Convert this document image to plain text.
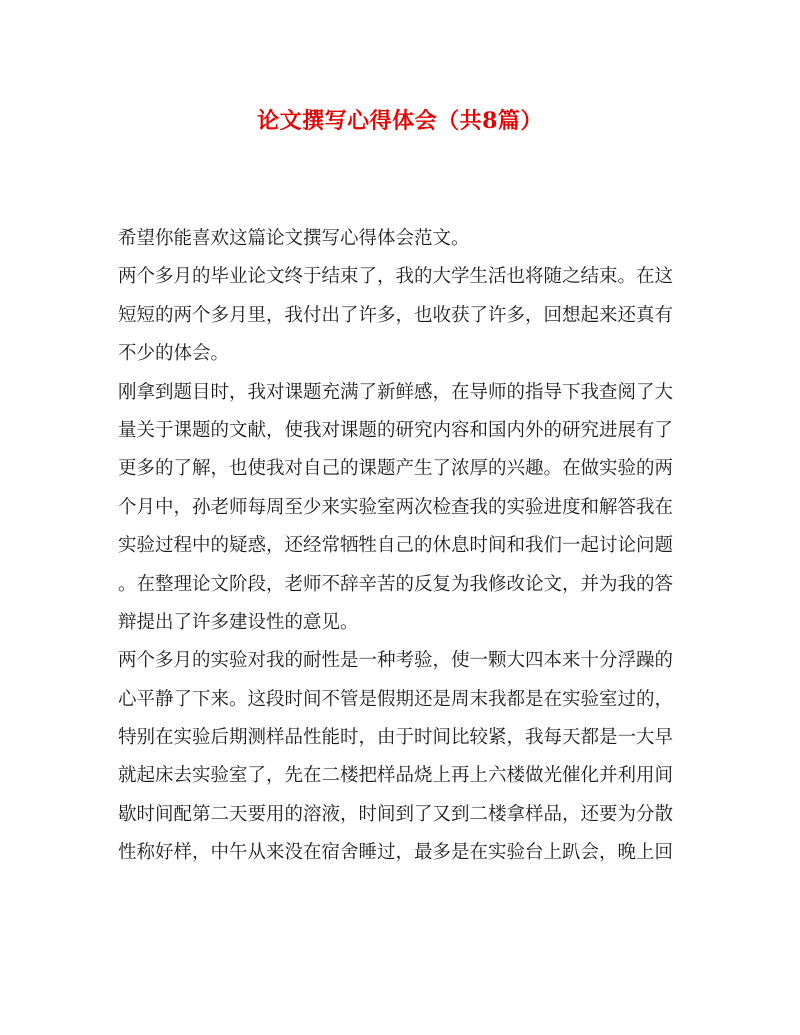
论文撰写心得体会（共8篇）
希望你能喜欢这篇论文撰写心得体会范文。
两个多月的毕业论文终于结束了，我的大学生活也将随之结束。在这
短短的两个多月里，我付出了许多，也收获了许多，回想起来还真有
不少的体会。
刚拿到题目时，我对课题充满了新鲜感，在导师的指导下我查阅了大
量关于课题的文献，使我对课题的研究内容和国内外的研究进展有了
更多的了解，也使我对自己的课题产生了浓厚的兴趣。在做实验的两
个月中，孙老师每周至少来实验室两次检查我的实验进度和解答我在
实验过程中的疑惑，还经常牺牲自己的休息时间和我们一起讨论问题
。在整理论文阶段，老师不辞辛苦的反复为我修改论文，并为我的答
辩提出了许多建设性的意见。
两个多月的实验对我的耐性是一种考验，使一颗大四本来十分浮躁的
心平静了下来。这段时间不管是假期还是周末我都是在实验室过的，
特别在实验后期测样品性能时，由于时间比较紧，我每天都是一大早
就起床去实验室了，先在二楼把样品烧上再上六楼做光催化并利用间
歇时间配第二天要用的溶液，时间到了又到二楼拿样品，还要为分散
性称好样，中午从来没在宿舍睡过，最多是在实验台上趴会，晚上回
